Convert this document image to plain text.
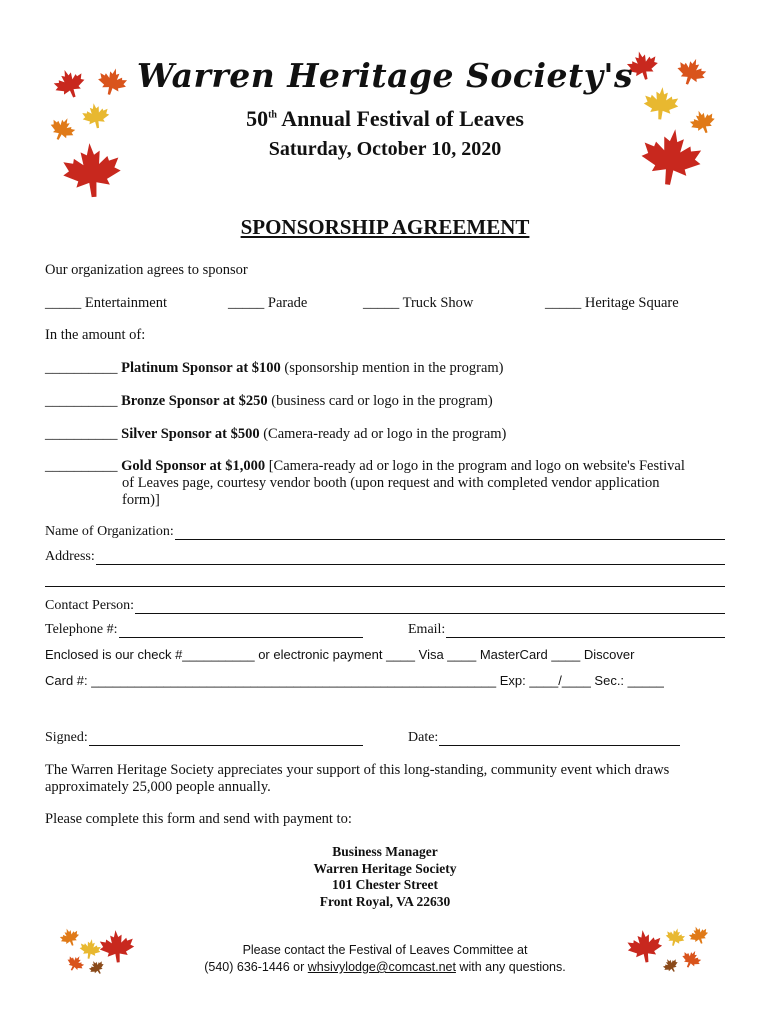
Warren Heritage Society's
50th Annual Festival of Leaves
Saturday, October 10, 2020
SPONSORSHIP AGREEMENT
Our organization agrees to sponsor
_____ Entertainment	_____ Parade	_____ Truck Show	_____ Heritage Square
In the amount of:
__________ Platinum Sponsor at $100 (sponsorship mention in the program)
__________ Bronze Sponsor at $250 (business card or logo in the program)
__________ Silver Sponsor at $500 (Camera-ready ad or logo in the program)
__________ Gold Sponsor at $1,000 [Camera-ready ad or logo in the program and logo on website's Festival
of Leaves page, courtesy vendor booth (upon request and with completed vendor application
form)]
Name of Organization:
Address:
Contact Person:
Telephone #:	Email:
Enclosed is our check #__________ or electronic payment ____ Visa ____ MasterCard ____ Discover
Card #: ________________________________________________________ Exp: ____/____ Sec.: _____
Signed:	Date:
The Warren Heritage Society appreciates your support of this long-standing, community event which draws approximately 25,000 people annually.
Please complete this form and send with payment to:
Business Manager
Warren Heritage Society
101 Chester Street
Front Royal, VA 22630
Please contact the Festival of Leaves Committee at
(540) 636-1446 or whsivylodge@comcast.net with any questions.
